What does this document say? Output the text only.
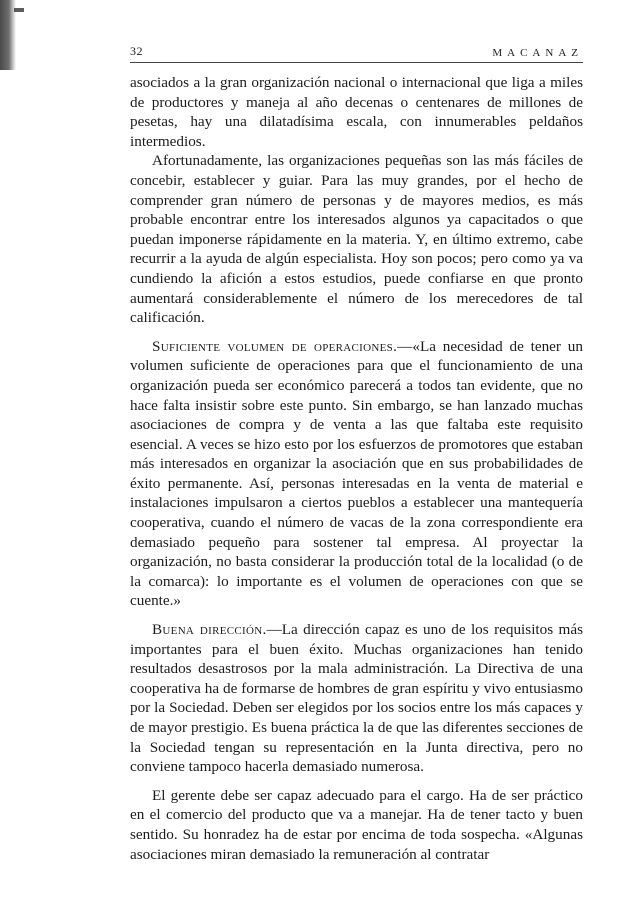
32	MACANAZ

asociados a la gran organización nacional o internacional que liga a miles de productores y maneja al año decenas o centenares de millones de pesetas, hay una dilatadísima escala, con innumerables peldaños intermedios.

Afortunadamente, las organizaciones pequeñas son las más fáciles de concebir, establecer y guiar. Para las muy grandes, por el hecho de comprender gran número de personas y de mayores medios, es más probable encontrar entre los interesados algunos ya capacitados o que puedan imponerse rápidamente en la materia. Y, en último extremo, cabe recurrir a la ayuda de algún especialista. Hoy son pocos; pero como ya va cundiendo la afición a estos estudios, puede confiarse en que pronto aumentará considerablemente el número de los merecedores de tal calificación.

Suficiente volumen de operaciones.—«La necesidad de tener un volumen suficiente de operaciones para que el funcionamiento de una organización pueda ser económico parecerá a todos tan evidente, que no hace falta insistir sobre este punto. Sin embargo, se han lanzado muchas asociaciones de compra y de venta a las que faltaba este requisito esencial. A veces se hizo esto por los esfuerzos de promotores que estaban más interesados en organizar la asociación que en sus probabilidades de éxito permanente. Así, personas interesadas en la venta de material e instalaciones impulsaron a ciertos pueblos a establecer una mantequería cooperativa, cuando el número de vacas de la zona correspondiente era demasiado pequeño para sostener tal empresa. Al proyectar la organización, no basta considerar la producción total de la localidad (o de la comarca): lo importante es el volumen de operaciones con que se cuente.»

Buena dirección.—La dirección capaz es uno de los requisitos más importantes para el buen éxito. Muchas organizaciones han tenido resultados desastrosos por la mala administración. La Directiva de una cooperativa ha de formarse de hombres de gran espíritu y vivo entusiasmo por la Sociedad. Deben ser elegidos por los socios entre los más capaces y de mayor prestigio. Es buena práctica la de que las diferentes secciones de la Sociedad tengan su representación en la Junta directiva, pero no conviene tampoco hacerla demasiado numerosa.

El gerente debe ser capaz adecuado para el cargo. Ha de ser práctico en el comercio del producto que va a manejar. Ha de tener tacto y buen sentido. Su honradez ha de estar por encima de toda sospecha. «Algunas asociaciones miran demasiado la remuneración al contratar
